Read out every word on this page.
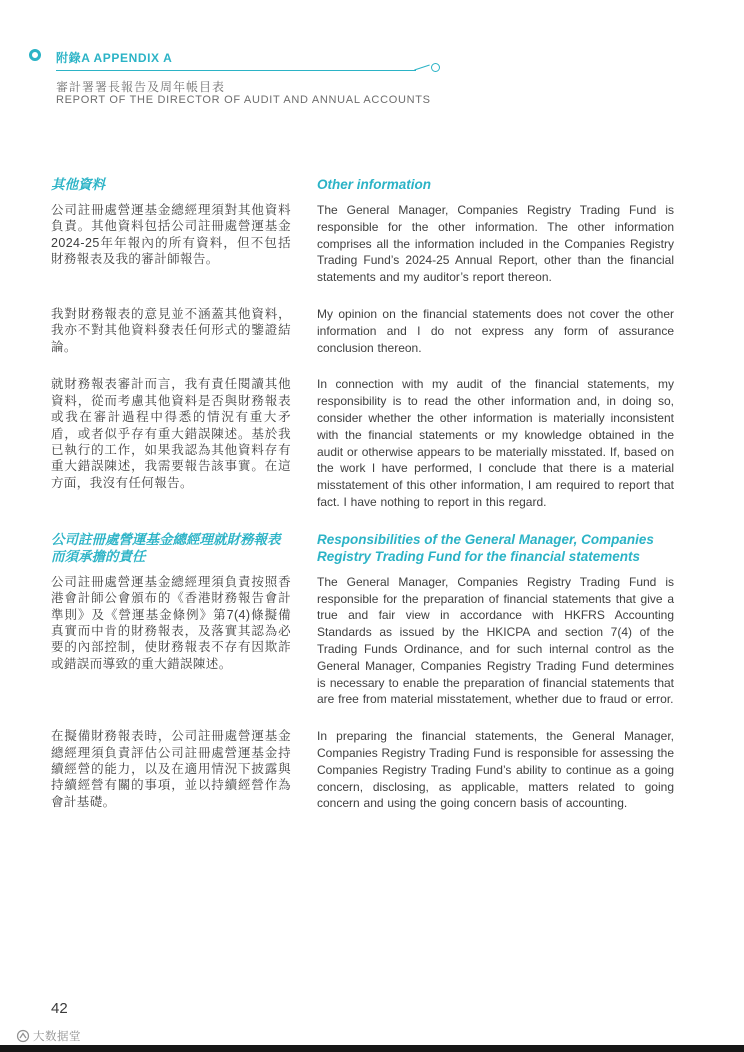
附錄A APPENDIX A
審計署署長報告及周年帳目表
REPORT OF THE DIRECTOR OF AUDIT AND ANNUAL ACCOUNTS
其他資料	Other information

公司註冊處營運基金總經理須對其他資料負責。其他資料包括公司註冊處營運基金2024-25年年報內的所有資料，但不包括財務報表及我的審計師報告。

The General Manager, Companies Registry Trading Fund is responsible for the other information. The other information comprises all the information included in the Companies Registry Trading Fund’s 2024-25 Annual Report, other than the financial statements and my auditor’s report thereon.

我對財務報表的意見並不涵蓋其他資料，我亦不對其他資料發表任何形式的鑒證結論。

My opinion on the financial statements does not cover the other information and I do not express any form of assurance conclusion thereon.

就財務報表審計而言，我有責任閱讀其他資料，從而考慮其他資料是否與財務報表或我在審計過程中得悉的情況有重大矛盾，或者似乎存有重大錯誤陳述。基於我已執行的工作，如果我認為其他資料存有重大錯誤陳述，我需要報告該事實。在這方面，我沒有任何報告。

In connection with my audit of the financial statements, my responsibility is to read the other information and, in doing so, consider whether the other information is materially inconsistent with the financial statements or my knowledge obtained in the audit or otherwise appears to be materially misstated. If, based on the work I have performed, I conclude that there is a material misstatement of this other information, I am required to report that fact. I have nothing to report in this regard.

公司註冊處營運基金總經理就財務報表而須承擔的責任
Responsibilities of the General Manager, Companies Registry Trading Fund for the financial statements

公司註冊處營運基金總經理須負責按照香港會計師公會頒布的《香港財務報告會計準則》及《營運基金條例》第7(4)條擬備真實而中肯的財務報表，及落實其認為必要的內部控制，使財務報表不存有因欺詐或錯誤而導致的重大錯誤陳述。

The General Manager, Companies Registry Trading Fund is responsible for the preparation of financial statements that give a true and fair view in accordance with HKFRS Accounting Standards as issued by the HKICPA and section 7(4) of the Trading Funds Ordinance, and for such internal control as the General Manager, Companies Registry Trading Fund determines is necessary to enable the preparation of financial statements that are free from material misstatement, whether due to fraud or error.

在擬備財務報表時，公司註冊處營運基金總經理須負責評估公司註冊處營運基金持續經營的能力，以及在適用情況下披露與持續經營有關的事項，並以持續經營作為會計基礎。

In preparing the financial statements, the General Manager, Companies Registry Trading Fund is responsible for assessing the Companies Registry Trading Fund’s ability to continue as a going concern, disclosing, as applicable, matters related to going concern and using the going concern basis of accounting.

42
大数据堂
